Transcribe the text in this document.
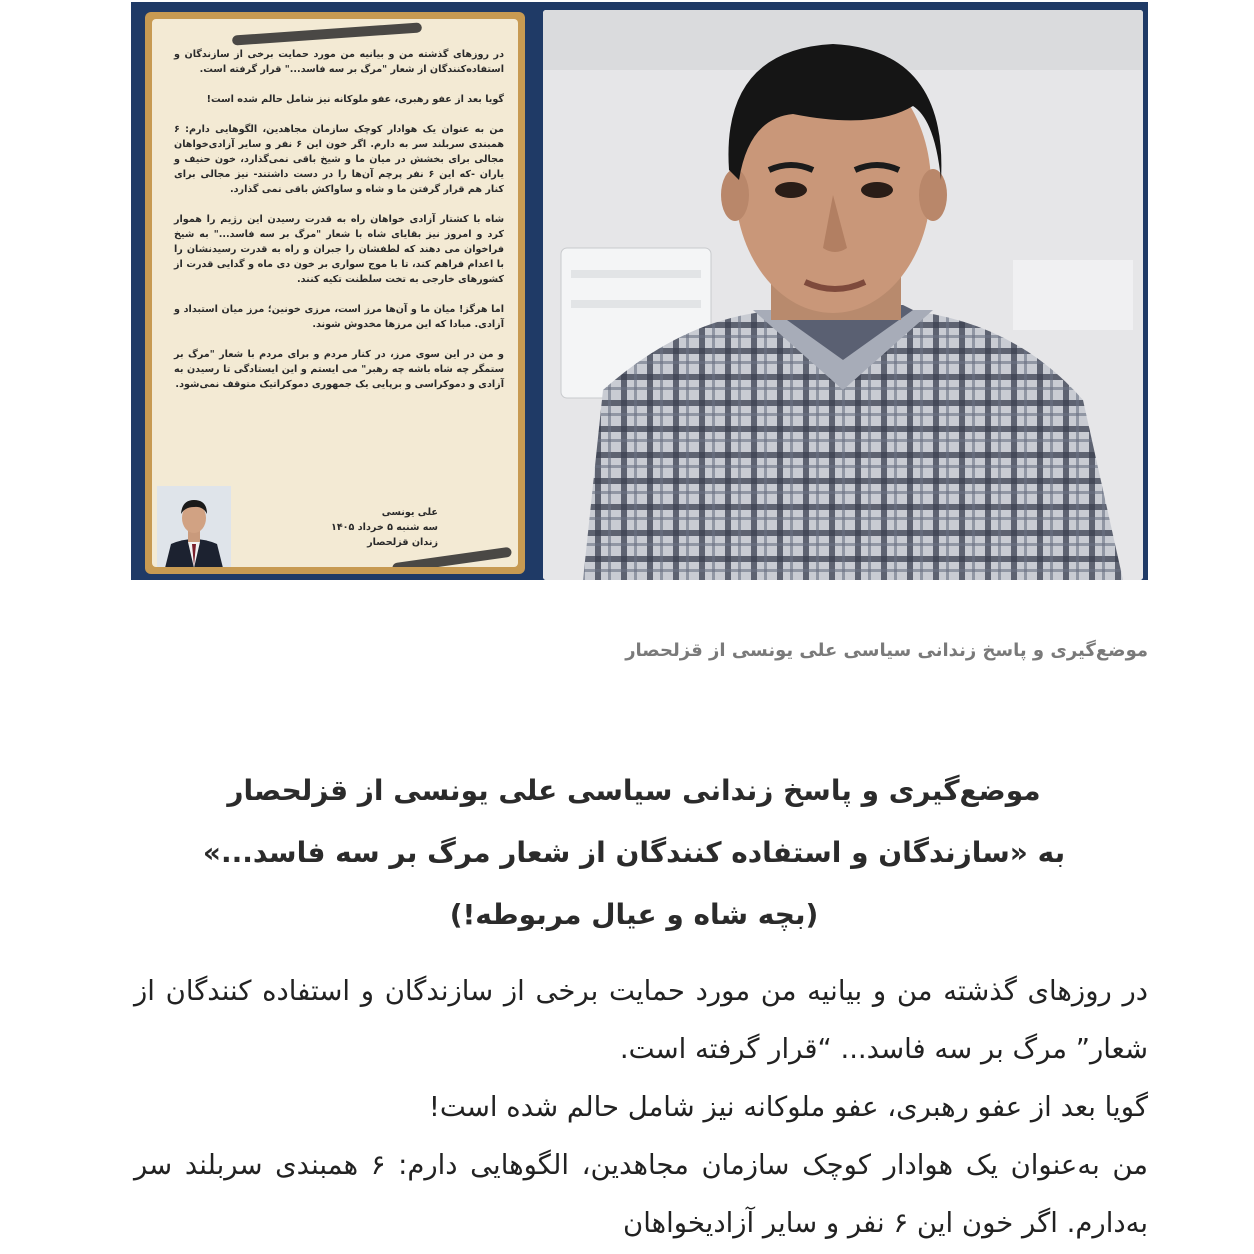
در روزهای گذشته من و بیانیه من مورد حمایت برخی از سازندگان و استفاده‌کنندگان از شعار "مرگ بر سه فاسد..." قرار گرفته است.

گویا بعد از عفو رهبری، عفو ملوکانه نیز شامل حالم شده است!

من به عنوان یک هوادار کوچک سازمان مجاهدین، الگوهایی دارم: ۶ همبندی سربلند سر به دارم. اگر خون این ۶ نفر و سایر آزادی‌خواهان مجالی برای بخشش در میان ما و شیخ باقی نمی‌گذارد، خون حنیف و یاران -که این ۶ نفر پرچم آن‌ها را در دست داشتند- نیز مجالی برای کنار هم قرار گرفتن ما و شاه و ساواکش باقی نمی گذارد.

شاه با کشتار آزادی خواهان راه به قدرت رسیدن این رژیم را هموار کرد و امروز نیز بقایای شاه با شعار "مرگ بر سه فاسد..." به شیخ فراخوان می دهند که لطفشان را جبران و راه به قدرت رسیدنشان را با اعدام فراهم کند، تا با موج سواری بر خون دی ماه و گدایی قدرت از کشورهای خارجی به تخت سلطنت تکیه کنند.

اما هرگز! میان ما و آن‌ها مرز است، مرزی خونین؛ مرز میان استبداد و آزادی. مبادا که این مرزها مخدوش شوند.

و من در این سوی مرز، در کنار مردم و برای مردم با شعار "مرگ بر ستمگر چه شاه باشه چه رهبر" می ایستم و این ایستادگی تا رسیدن به آزادی و دموکراسی و برپایی یک جمهوری دموکراتیک متوقف نمی‌شود.
علی یونسی
سه شنبه ۵ خرداد ۱۴۰۵
زندان قزلحصار
موضع‌گیری و پاسخ زندانی سیاسی علی یونسی از قزلحصار
موضع‌گیری و پاسخ زندانی سیاسی علی یونسی از قزلحصار
به «سازندگان و استفاده کنندگان از شعار مرگ بر سه فاسد...»
(بچه شاه و عیال مربوطه!)

در روزهای گذشته من و بیانیه من مورد حمایت برخی از سازندگان و استفاده کنندگان از شعار” مرگ بر سه فاسد... “قرار گرفته است.

گویا بعد از عفو رهبری، عفو ملوکانه نیز شامل حالم شده است!

من به‌عنوان یک هوادار کوچک سازمان مجاهدین، الگوهایی دارم: ۶ همبندی سربلند سر به‌دارم. اگر خون این ۶ نفر و سایر آزادیخواهان
